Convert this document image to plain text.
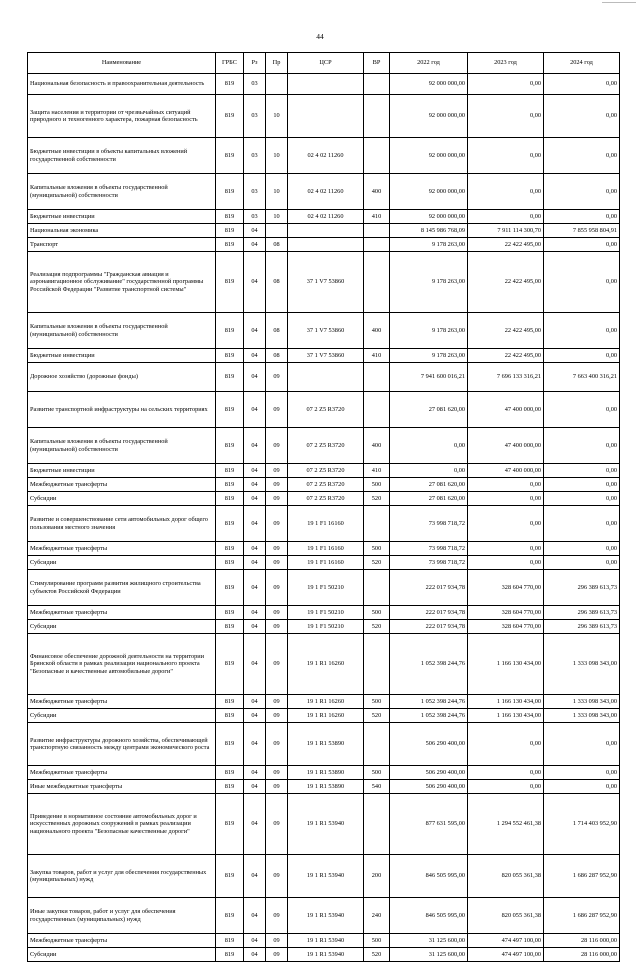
44
Наименование	ГРБС	Рз	Пр	ЦСР	ВР	2022 год	2023 год	2024 год
Национальная безопасность и правоохранительная деятельность	819	03				92 000 000,00	0,00	0,00
Защита населения и территории от чрезвычайных ситуаций природного и техногенного характера, пожарная безопасность	819	03	10			92 000 000,00	0,00	0,00
Бюджетные инвестиции в объекты капитальных вложений государственной собственности	819	03	10	02 4 02 11260		92 000 000,00	0,00	0,00
Капитальные вложения в объекты государственной (муниципальной) собственности	819	03	10	02 4 02 11260	400	92 000 000,00	0,00	0,00
Бюджетные инвестиции	819	03	10	02 4 02 11260	410	92 000 000,00	0,00	0,00
Национальная экономика	819	04				8 145 986 768,09	7 911 114 300,70	7 855 958 804,91
Транспорт	819	04	08			9 178 263,00	22 422 495,00	0,00
Реализация подпрограммы "Гражданская авиация и аэронавигационное обслуживание" государственной программы Российской Федерации "Развитие транспортной системы"	819	04	08	37 1 V7 53860		9 178 263,00	22 422 495,00	0,00
Капитальные вложения в объекты государственной (муниципальной) собственности	819	04	08	37 1 V7 53860	400	9 178 263,00	22 422 495,00	0,00
Бюджетные инвестиции	819	04	08	37 1 V7 53860	410	9 178 263,00	22 422 495,00	0,00
Дорожное хозяйство (дорожные фонды)	819	04	09			7 941 600 016,21	7 696 133 316,21	7 663 400 316,21
Развитие транспортной инфраструктуры на сельских территориях	819	04	09	07 2 Z5 R3720		27 081 620,00	47 400 000,00	0,00
Капитальные вложения в объекты государственной (муниципальной) собственности	819	04	09	07 2 Z5 R3720	400	0,00	47 400 000,00	0,00
Бюджетные инвестиции	819	04	09	07 2 Z5 R3720	410	0,00	47 400 000,00	0,00
Межбюджетные трансферты	819	04	09	07 2 Z5 R3720	500	27 081 620,00	0,00	0,00
Субсидии	819	04	09	07 2 Z5 R3720	520	27 081 620,00	0,00	0,00
Развитие и совершенствование сети автомобильных дорог общего пользования местного значения	819	04	09	19 1 F1 16160		73 998 718,72	0,00	0,00
Межбюджетные трансферты	819	04	09	19 1 F1 16160	500	73 998 718,72	0,00	0,00
Субсидии	819	04	09	19 1 F1 16160	520	73 998 718,72	0,00	0,00
Стимулирование программ развития жилищного строительства субъектов Российской Федерации	819	04	09	19 1 F1 50210		222 017 934,78	328 604 770,00	296 389 613,73
Межбюджетные трансферты	819	04	09	19 1 F1 50210	500	222 017 934,78	328 604 770,00	296 389 613,73
Субсидии	819	04	09	19 1 F1 50210	520	222 017 934,78	328 604 770,00	296 389 613,73
Финансовое обеспечение дорожной деятельности на территории Брянской области в рамках реализации национального проекта "Безопасные и качественные автомобильные дороги"	819	04	09	19 1 R1 16260		1 052 398 244,76	1 166 130 434,00	1 333 098 343,00
Межбюджетные трансферты	819	04	09	19 1 R1 16260	500	1 052 398 244,76	1 166 130 434,00	1 333 098 343,00
Субсидии	819	04	09	19 1 R1 16260	520	1 052 398 244,76	1 166 130 434,00	1 333 098 343,00
Развитие инфраструктуры дорожного хозяйства, обеспечивающей транспортную связанность между центрами экономического роста	819	04	09	19 1 R1 53890		506 290 400,00	0,00	0,00
Межбюджетные трансферты	819	04	09	19 1 R1 53890	500	506 290 400,00	0,00	0,00
Иные межбюджетные трансферты	819	04	09	19 1 R1 53890	540	506 290 400,00	0,00	0,00
Приведение в нормативное состояние автомобильных дорог и искусственных дорожных сооружений в рамках реализации национального проекта "Безопасные качественные дороги"	819	04	09	19 1 R1 53940		877 631 595,00	1 294 552 461,38	1 714 403 952,90
Закупка товаров, работ и услуг для обеспечения государственных (муниципальных) нужд	819	04	09	19 1 R1 53940	200	846 505 995,00	820 055 361,38	1 686 287 952,90
Иные закупки товаров, работ и услуг для обеспечения государственных (муниципальных) нужд	819	04	09	19 1 R1 53940	240	846 505 995,00	820 055 361,38	1 686 287 952,90
Межбюджетные трансферты	819	04	09	19 1 R1 53940	500	31 125 600,00	474 497 100,00	28 116 000,00
Субсидии	819	04	09	19 1 R1 53940	520	31 125 600,00	474 497 100,00	28 116 000,00
